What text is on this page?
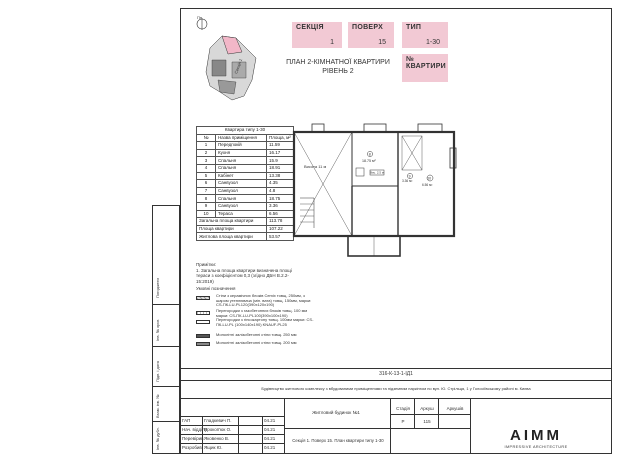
Погоджено
Інв. № ориг.
Підп. і дата
Взам. інв. №
Інв. № дубл.
Пн
Секція 1
СЕКЦІЯ
1
ПОВЕРХ
15
ТИП
1-30
№ КВАРТИРИ
ПЛАН 2-КІМНАТНОЇ КВАРТИРИ
РІВЕНЬ 2
Квартира типу 1-30		
№	Назва приміщення	Площа, м²
1	Передпокій	11.59
2	Кухня	16.17
3	Спальня	15.9
4	Спальня	18.91
5	Кабінет	13.38
6	Санвузол	4.35
7	Санвузол	4.8
8	Спальня	18.75
9	Санвузол	3.36
10	Тераса	6.56
Загальна площа квартири		113.78
Площа квартири		107.22
Житлова площа квартири		53.57
Висота 11 м
8
18.75 м²
Вис. 2.5 м
9
3.36 м²
10
6.56 м²
Примітки:
1. Загальна площа квартири визначена площі тераси з коефіцієнтом 0,3 (згідно ДБН В.2.2-15:2019)
Умовні позначення
Стіни з керамічних блоків Cemix товщ. 250мм, з шаром утеплювача (мін. вата) товщ. 150мм, марки: CS-ПК-LU-PL120(390x120x190)
Перегородки з газобетонних блоків товщ. 100 мм марки: CS-ПК-LU-PL100(390x100x190)
Перегородки з гіпсокартону товщ. 100мм марки: CS-ПК-LU-PL (100x140x190) KNAUF-PL25
Монолітні залізобетонні стіни товщ. 250 мм
Монолітні залізобетонні стіни товщ. 200 мм
316-К-13-1-ІД1
Будівництво житлового комплексу з вбудованими приміщеннями та підземним паркінгом по вул. Ю. Стрільця, 1 у Голосіївському районі м. Києва
Житловий будинок №1
Секція 1. Поверх 15. План квартири типу 1-30
Стадія	Аркуш	Аркушів
Р	115
ГАП	Гладкевич П.	04.21
Нач. відділу
Прокоп'юк О.	04.21
Перевірив Яковенко В.	04.21
Розробив Ящик Ю.	04.21
AIMM
IMPRESSIVE ARCHITECTURE
